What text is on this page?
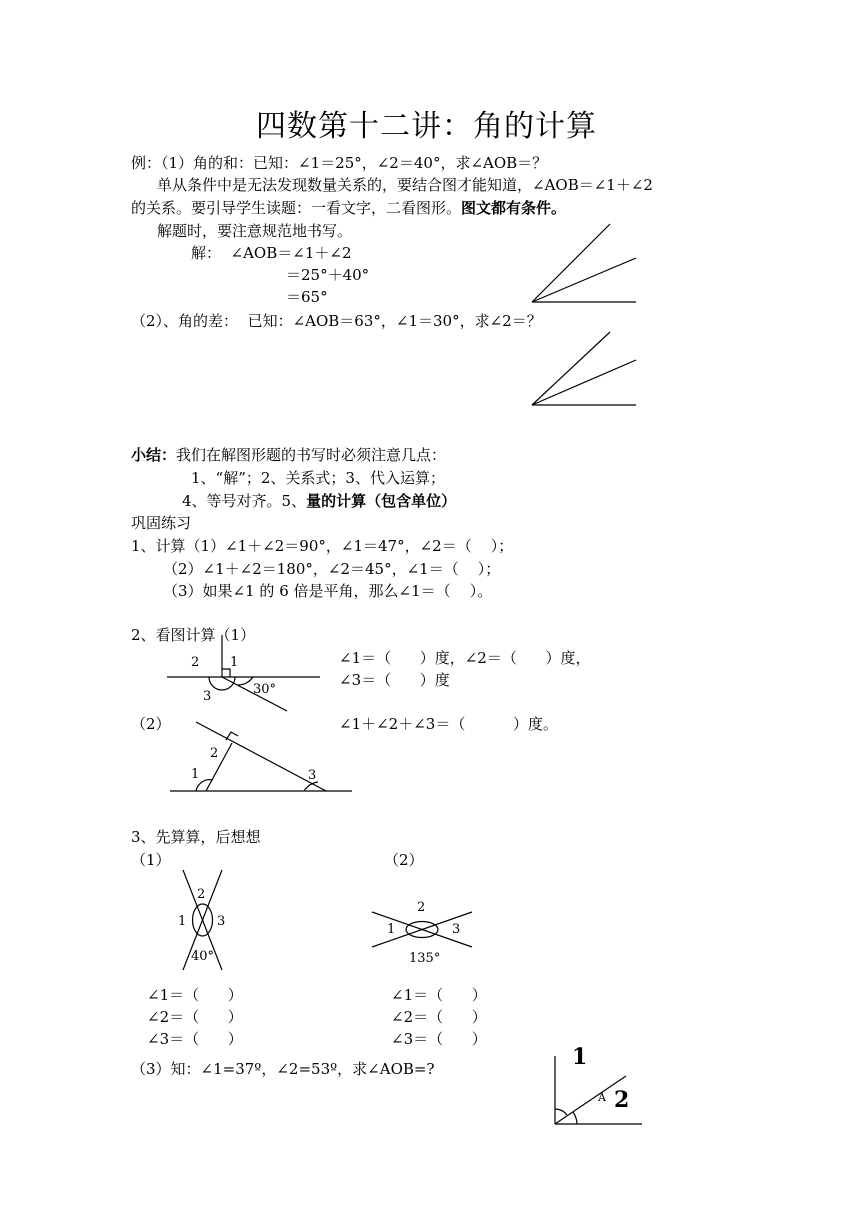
四数第十二讲：角的计算
例：（1）角的和：已知：∠1＝25°，∠2＝40°，求∠AOB＝？
单从条件中是无法发现数量关系的，要结合图才能知道，∠AOB＝∠1＋∠2
的关系。要引导学生读题：一看文字，二看图形。图文都有条件。
解题时，要注意规范地书写。
解：  ∠AOB＝∠1＋∠2
＝25°＋40°
＝65°
（2）、角的差：  已知：∠AOB＝63°，∠1＝30°，求∠2＝？
小结：我们在解图形题的书写时必须注意几点：
1、“解”；2、关系式；3、代入运算；
4、等号对齐。5、量的计算（包含单位）
巩固练习
1、计算（1）∠1＋∠2＝90°，∠1＝47°，∠2＝（    ）；
（2）∠1＋∠2＝180°，∠2＝45°，∠1＝（    ）；
（3）如果∠1 的 6 倍是平角，那么∠1＝（    ）。
2、看图计算（1）
2 1
3	30°
∠1＝（      ）度，∠2＝（      ）度，
∠3＝（      ）度
（2）	∠1＋∠2＋∠3＝（          ）度。
2
1	3
3、先算算，后想想
（1）	（2）
2
1 3
40°
2
1	3
135°
∠1＝（      ）
∠2＝（      ）
∠3＝（      ）
∠1＝（      ）
∠2＝（      ）
∠3＝（      ）
（3）知：∠1=37º，∠2=53º，求∠AOB=?	1
2
A
